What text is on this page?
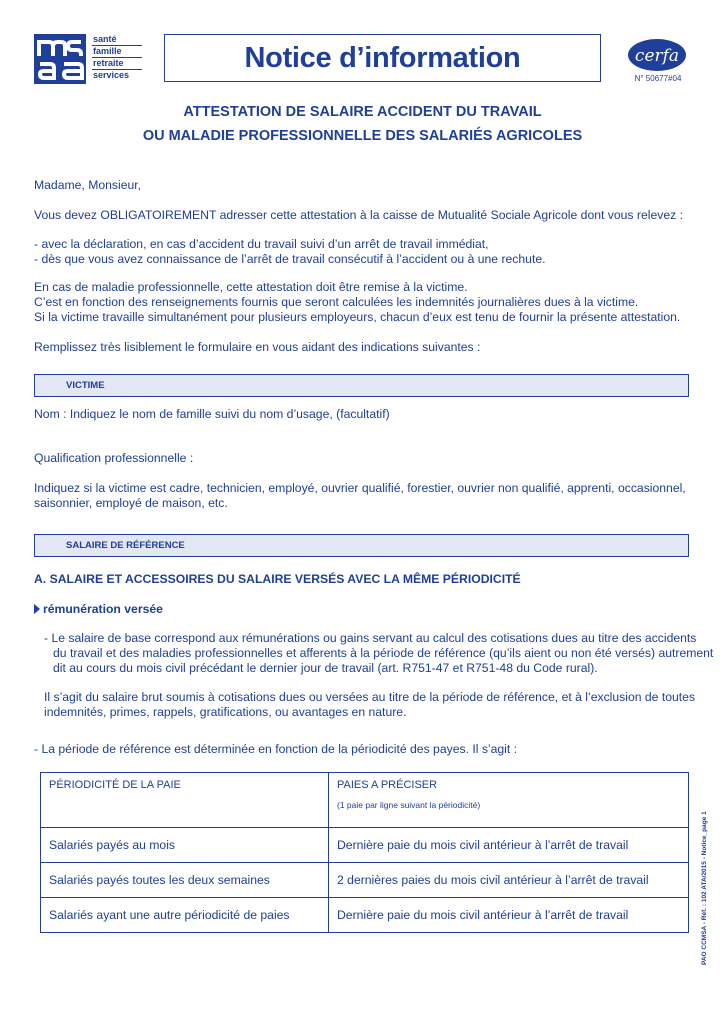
santé
famille
retraite
services
Notice d’information	cerfa
N° 50677#04
ATTESTATION DE SALAIRE ACCIDENT DU TRAVAIL
OU MALADIE PROFESSIONNELLE DES SALARIÉS AGRICOLES
Madame, Monsieur,
Vous devez OBLIGATOIREMENT adresser cette attestation à la caisse de Mutualité Sociale Agricole dont vous relevez :
- avec la déclaration, en cas d’accident du travail suivi d’un arrêt de travail immédiat,
- dès que vous avez connaissance de l’arrêt de travail consécutif à l’accident ou à une rechute.
En cas de maladie professionnelle, cette attestation doit être remise à la victime.
C’est en fonction des renseignements fournis que seront calculées les indemnités journalières dues à la victime.
Si la victime travaille simultanément pour plusieurs employeurs, chacun d’eux est tenu de fournir la présente attestation.
Remplissez très lisiblement le formulaire en vous aidant des indications suivantes :
VICTIME
Nom : Indiquez le nom de famille suivi du nom d’usage, (facultatif)
Qualification professionnelle :
Indiquez si la victime est cadre, technicien, employé, ouvrier qualifié, forestier, ouvrier non qualifié, apprenti, occasionnel,
saisonnier, employé de maison, etc.
SALAIRE DE RÉFÉRENCE
A. SALAIRE ET ACCESSOIRES DU SALAIRE VERSÉS AVEC LA MÊME PÉRIODICITÉ
rémunération versée
- Le salaire de base correspond aux rémunérations ou gains servant au calcul des cotisations dues au titre des accidents
du travail et des maladies professionnelles et afferents à la période de référence (qu’ils aient ou non été versés) autrement
dit au cours du mois civil précédant le dernier jour de travail (art. R751-47 et R751-48 du Code rural).
Il s’agit du salaire brut soumis à cotisations dues ou versées au titre de la période de référence, et à l’exclusion de toutes
indemnités, primes, rappels, gratifications, ou avantages en nature.
- La période de référence est déterminée en fonction de la périodicité des payes. Il s’agit :
PÉRIODICITÉ DE LA PAIE	PAIES A PRÉCISER
(1 paie par ligne suivant la périodicité)

Salariés payés au mois	Dernière paie du mois civil antérieur à l’arrêt de travail
Salariés payés toutes les deux semaines	2 dernières paies du mois civil antérieur à l’arrêt de travail
Salariés ayant une autre périodicité de paies	Dernière paie du mois civil antérieur à l’arrêt de travail	PAO CCMSA - Réf. : 102 ATA/2015 - Notice_page 1
